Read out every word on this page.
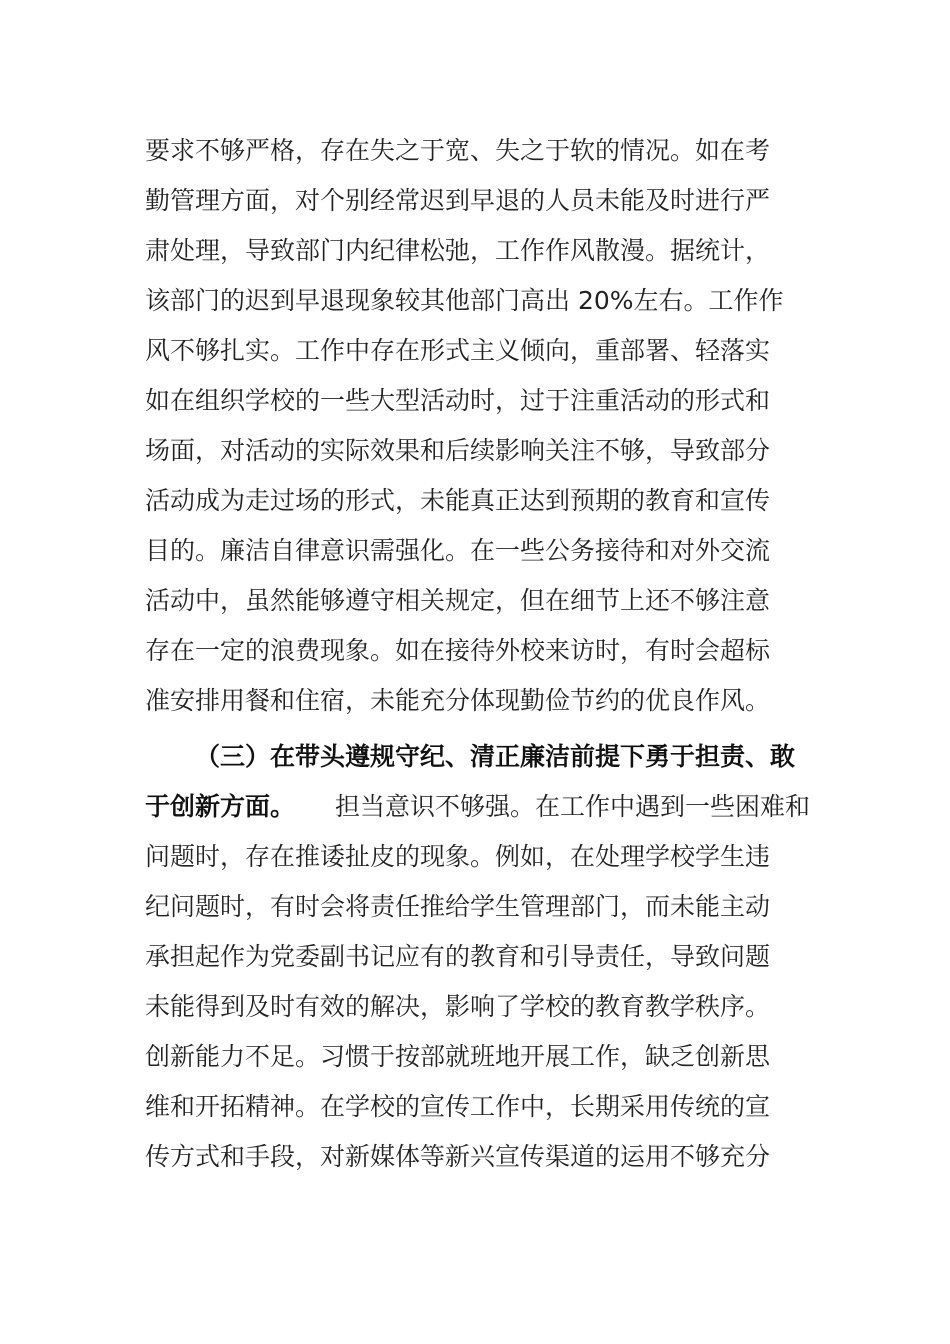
要求不够严格，存在失之于宽、失之于软的情况。如在考
勤管理方面，对个别经常迟到早退的人员未能及时进行严
肃处理，导致部门内纪律松弛，工作作风散漫。据统计，
该部门的迟到早退现象较其他部门高出 20%左右。工作作
风不够扎实。工作中存在形式主义倾向，重部署、轻落实
如在组织学校的一些大型活动时，过于注重活动的形式和
场面，对活动的实际效果和后续影响关注不够，导致部分
活动成为走过场的形式，未能真正达到预期的教育和宣传
目的。廉洁自律意识需强化。在一些公务接待和对外交流
活动中，虽然能够遵守相关规定，但在细节上还不够注意
存在一定的浪费现象。如在接待外校来访时，有时会超标
准安排用餐和住宿，未能充分体现勤俭节约的优良作风。
（三）在带头遵规守纪、清正廉洁前提下勇于担责、敢
于创新方面。 担当意识不够强。在工作中遇到一些困难和
问题时，存在推诿扯皮的现象。例如，在处理学校学生违
纪问题时，有时会将责任推给学生管理部门，而未能主动
承担起作为党委副书记应有的教育和引导责任，导致问题
未能得到及时有效的解决，影响了学校的教育教学秩序。
创新能力不足。习惯于按部就班地开展工作，缺乏创新思
维和开拓精神。在学校的宣传工作中，长期采用传统的宣
传方式和手段，对新媒体等新兴宣传渠道的运用不够充分
